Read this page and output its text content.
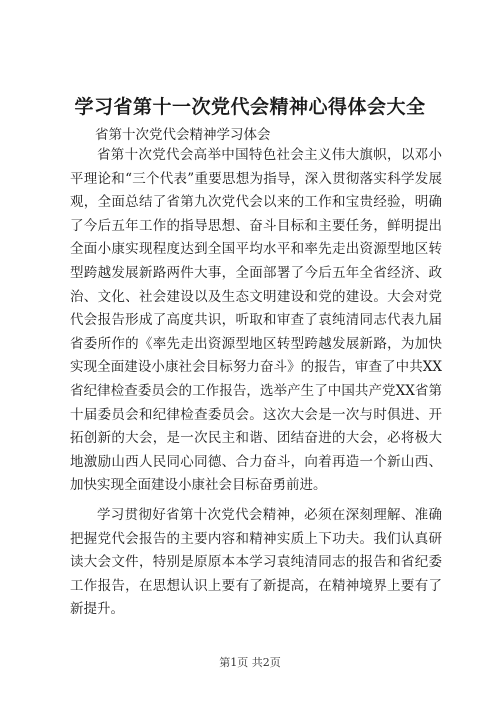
学习省第十一次党代会精神心得体会大全
省第十次党代会精神学习体会

省第十次党代会高举中国特色社会主义伟大旗帜，以邓小平理论和“三个代表”重要思想为指导，深入贯彻落实科学发展观，全面总结了省第九次党代会以来的工作和宝贵经验，明确了今后五年工作的指导思想、奋斗目标和主要任务，鲜明提出全面小康实现程度达到全国平均水平和率先走出资源型地区转型跨越发展新路两件大事，全面部署了今后五年全省经济、政治、文化、社会建设以及生态文明建设和党的建设。大会对党代会报告形成了高度共识，听取和审查了袁纯清同志代表九届省委所作的《率先走出资源型地区转型跨越发展新路，为加快实现全面建设小康社会目标努力奋斗》的报告，审查了中共XX省纪律检查委员会的工作报告，选举产生了中国共产党XX省第十届委员会和纪律检查委员会。这次大会是一次与时俱进、开拓创新的大会，是一次民主和谐、团结奋进的大会，必将极大地激励山西人民同心同德、合力奋斗，向着再造一个新山西、加快实现全面建设小康社会目标奋勇前进。

学习贯彻好省第十次党代会精神，必须在深刻理解、准确把握党代会报告的主要内容和精神实质上下功夫。我们认真研读大会文件，特别是原原本本学习袁纯清同志的报告和省纪委工作报告，在思想认识上要有了新提高，在精神境界上要有了新提升。

第1页 共2页
